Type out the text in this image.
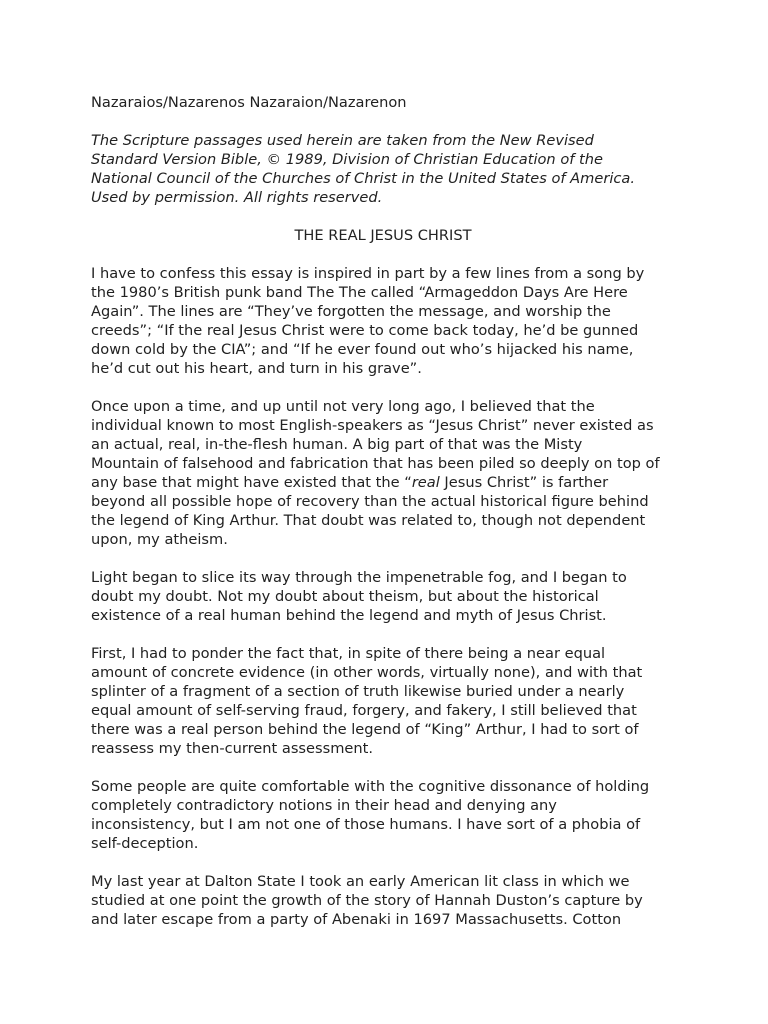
Nazaraios/Nazarenos Nazaraion/Nazarenon

The Scripture passages used herein are taken from the New Revised
Standard Version Bible, © 1989, Division of Christian Education of the
National Council of the Churches of Christ in the United States of America.
Used by permission. All rights reserved.

THE REAL JESUS CHRIST

I have to confess this essay is inspired in part by a few lines from a song by
the 1980’s British punk band The The called “Armageddon Days Are Here
Again”. The lines are “They’ve forgotten the message, and worship the
creeds”; “If the real Jesus Christ were to come back today, he’d be gunned
down cold by the CIA”; and “If he ever found out who’s hijacked his name,
he’d cut out his heart, and turn in his grave”.
Once upon a time, and up until not very long ago, I believed that the
individual known to most English-speakers as “Jesus Christ” never existed as
an actual, real, in-the-flesh human. A big part of that was the Misty
Mountain of falsehood and fabrication that has been piled so deeply on top of
any base that might have existed that the “real Jesus Christ” is farther
beyond all possible hope of recovery than the actual historical figure behind
the legend of King Arthur. That doubt was related to, though not dependent
upon, my atheism.
Light began to slice its way through the impenetrable fog, and I began to
doubt my doubt. Not my doubt about theism, but about the historical
existence of a real human behind the legend and myth of Jesus Christ.
First, I had to ponder the fact that, in spite of there being a near equal
amount of concrete evidence (in other words, virtually none), and with that
splinter of a fragment of a section of truth likewise buried under a nearly
equal amount of self-serving fraud, forgery, and fakery, I still believed that
there was a real person behind the legend of “King” Arthur, I had to sort of
reassess my then-current assessment.
Some people are quite comfortable with the cognitive dissonance of holding
completely contradictory notions in their head and denying any
inconsistency, but I am not one of those humans. I have sort of a phobia of
self-deception.
My last year at Dalton State I took an early American lit class in which we
studied at one point the growth of the story of Hannah Duston’s capture by
and later escape from a party of Abenaki in 1697 Massachusetts. Cotton
